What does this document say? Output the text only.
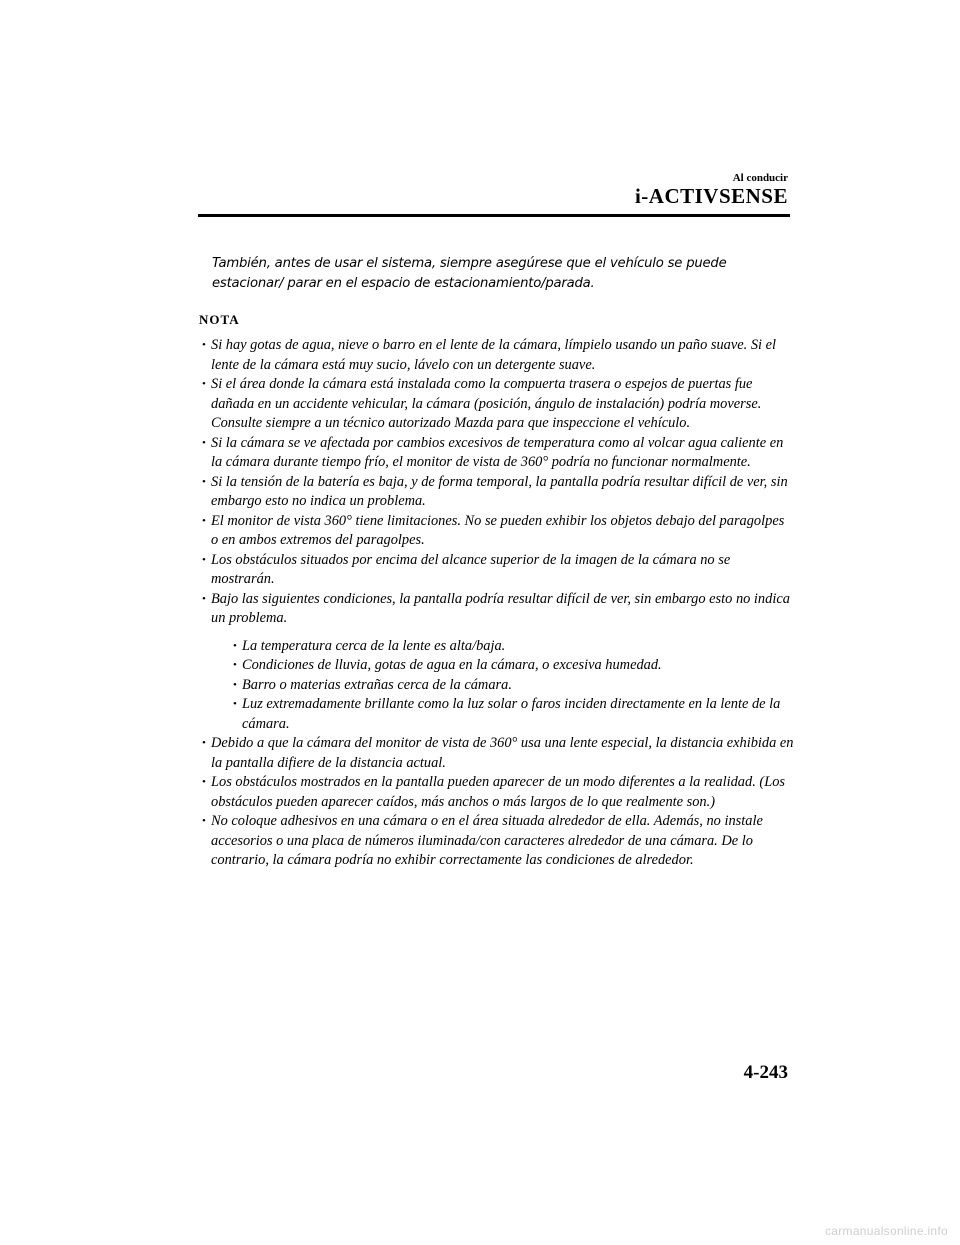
Al conducir
i-ACTIVSENSE
También, antes de usar el sistema, siempre asegúrese que el vehículo se puede estacionar/ parar en el espacio de estacionamiento/parada.
NOTA
• Si hay gotas de agua, nieve o barro en el lente de la cámara, límpielo usando un paño suave. Si el lente de la cámara está muy sucio, lávelo con un detergente suave.
• Si el área donde la cámara está instalada como la compuerta trasera o espejos de puertas fue dañada en un accidente vehicular, la cámara (posición, ángulo de instalación) podría moverse. Consulte siempre a un técnico autorizado Mazda para que inspeccione el vehículo.
• Si la cámara se ve afectada por cambios excesivos de temperatura como al volcar agua caliente en la cámara durante tiempo frío, el monitor de vista de 360° podría no funcionar normalmente.
• Si la tensión de la batería es baja, y de forma temporal, la pantalla podría resultar difícil de ver, sin embargo esto no indica un problema.
• El monitor de vista 360° tiene limitaciones. No se pueden exhibir los objetos debajo del paragolpes o en ambos extremos del paragolpes.
• Los obstáculos situados por encima del alcance superior de la imagen de la cámara no se mostrarán.
• Bajo las siguientes condiciones, la pantalla podría resultar difícil de ver, sin embargo esto no indica un problema.
• La temperatura cerca de la lente es alta/baja.
• Condiciones de lluvia, gotas de agua en la cámara, o excesiva humedad.
• Barro o materias extrañas cerca de la cámara.
• Luz extremadamente brillante como la luz solar o faros inciden directamente en la lente de la cámara.
• Debido a que la cámara del monitor de vista de 360° usa una lente especial, la distancia exhibida en la pantalla difiere de la distancia actual.
• Los obstáculos mostrados en la pantalla pueden aparecer de un modo diferentes a la realidad. (Los obstáculos pueden aparecer caídos, más anchos o más largos de lo que realmente son.)
• No coloque adhesivos en una cámara o en el área situada alrededor de ella. Además, no instale accesorios o una placa de números iluminada/con caracteres alrededor de una cámara. De lo contrario, la cámara podría no exhibir correctamente las condiciones de alrededor.
4-243
carmanualsonline.info
